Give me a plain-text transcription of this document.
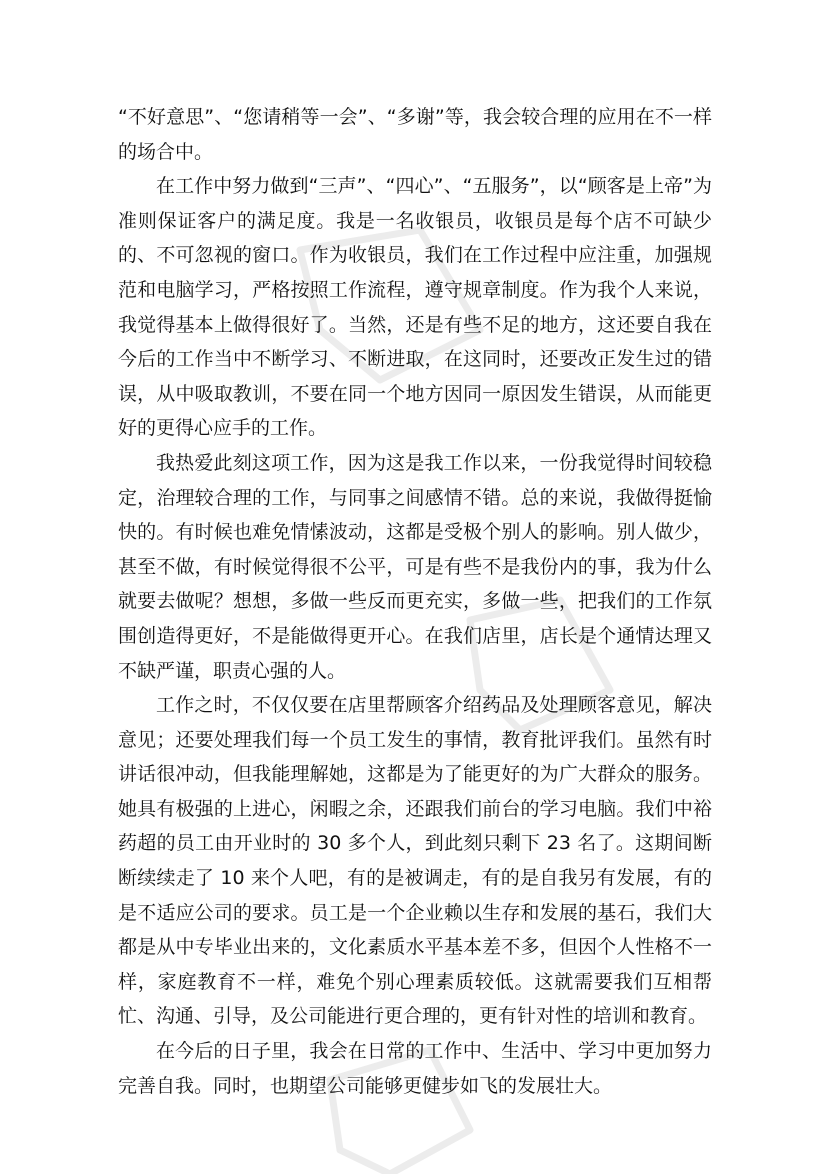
“不好意思”、“您请稍等一会”、“多谢”等，我会较合理的应用在不一样的场合中。

在工作中努力做到“三声”、“四心”、“五服务”，以“顾客是上帝”为准则保证客户的满足度。我是一名收银员，收银员是每个店不可缺少的、不可忽视的窗口。作为收银员，我们在工作过程中应注重，加强规范和电脑学习，严格按照工作流程，遵守规章制度。作为我个人来说，我觉得基本上做得很好了。当然，还是有些不足的地方，这还要自我在今后的工作当中不断学习、不断进取，在这同时，还要改正发生过的错误，从中吸取教训，不要在同一个地方因同一原因发生错误，从而能更好的更得心应手的工作。

我热爱此刻这项工作，因为这是我工作以来，一份我觉得时间较稳定，治理较合理的工作，与同事之间感情不错。总的来说，我做得挺愉快的。有时候也难免情愫波动，这都是受极个别人的影响。别人做少，甚至不做，有时候觉得很不公平，可是有些不是我份内的事，我为什么就要去做呢？想想，多做一些反而更充实，多做一些，把我们的工作氛围创造得更好，不是能做得更开心。在我们店里，店长是个通情达理又不缺严谨，职责心强的人。

工作之时，不仅仅要在店里帮顾客介绍药品及处理顾客意见，解决意见；还要处理我们每一个员工发生的事情，教育批评我们。虽然有时讲话很冲动，但我能理解她，这都是为了能更好的为广大群众的服务。她具有极强的上进心，闲暇之余，还跟我们前台的学习电脑。我们中裕药超的员工由开业时的 30 多个人，到此刻只剩下 23 名了。这期间断断续续走了 10 来个人吧，有的是被调走，有的是自我另有发展，有的是不适应公司的要求。员工是一个企业赖以生存和发展的基石，我们大都是从中专毕业出来的，文化素质水平基本差不多，但因个人性格不一样，家庭教育不一样，难免个别心理素质较低。这就需要我们互相帮忙、沟通、引导，及公司能进行更合理的，更有针对性的培训和教育。

在今后的日子里，我会在日常的工作中、生活中、学习中更加努力完善自我。同时，也期望公司能够更健步如飞的发展壮大。
